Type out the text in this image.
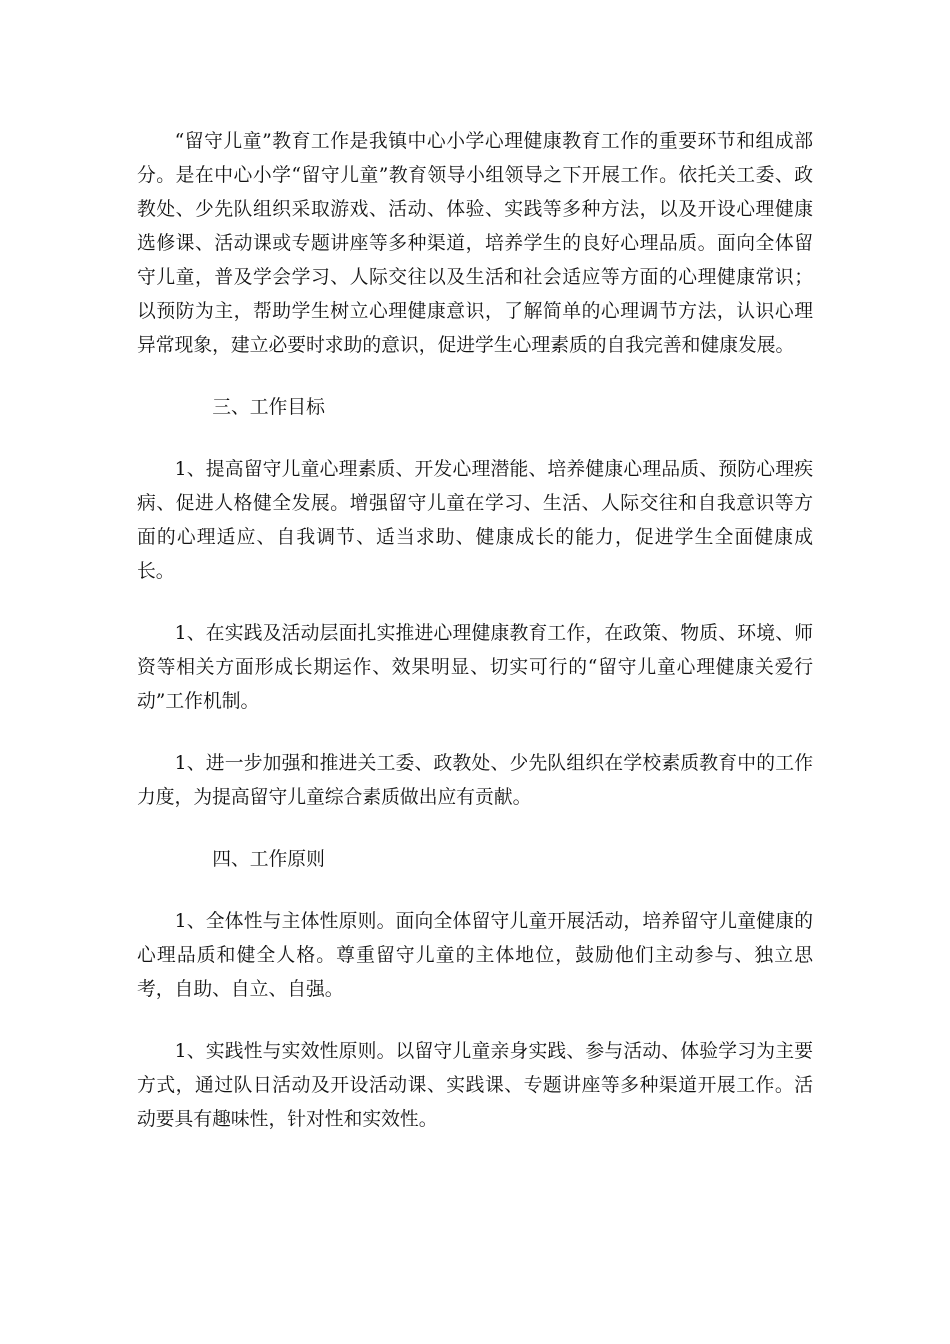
“留守儿童”教育工作是我镇中心小学心理健康教育工作的重要环节和组成部分。是在中心小学“留守儿童”教育领导小组领导之下开展工作。依托关工委、政教处、少先队组织采取游戏、活动、体验、实践等多种方法，以及开设心理健康选修课、活动课或专题讲座等多种渠道，培养学生的良好心理品质。面向全体留守儿童，普及学会学习、人际交往以及生活和社会适应等方面的心理健康常识；以预防为主，帮助学生树立心理健康意识，了解简单的心理调节方法，认识心理异常现象，建立必要时求助的意识，促进学生心理素质的自我完善和健康发展。

三、工作目标

1、提高留守儿童心理素质、开发心理潜能、培养健康心理品质、预防心理疾病、促进人格健全发展。增强留守儿童在学习、生活、人际交往和自我意识等方面的心理适应、自我调节、适当求助、健康成长的能力，促进学生全面健康成长。

1、在实践及活动层面扎实推进心理健康教育工作，在政策、物质、环境、师资等相关方面形成长期运作、效果明显、切实可行的“留守儿童心理健康关爱行动”工作机制。

1、进一步加强和推进关工委、政教处、少先队组织在学校素质教育中的工作力度，为提高留守儿童综合素质做出应有贡献。

四、工作原则

1、全体性与主体性原则。面向全体留守儿童开展活动，培养留守儿童健康的心理品质和健全人格。尊重留守儿童的主体地位，鼓励他们主动参与、独立思考，自助、自立、自强。

1、实践性与实效性原则。以留守儿童亲身实践、参与活动、体验学习为主要方式，通过队日活动及开设活动课、实践课、专题讲座等多种渠道开展工作。活动要具有趣味性，针对性和实效性。
